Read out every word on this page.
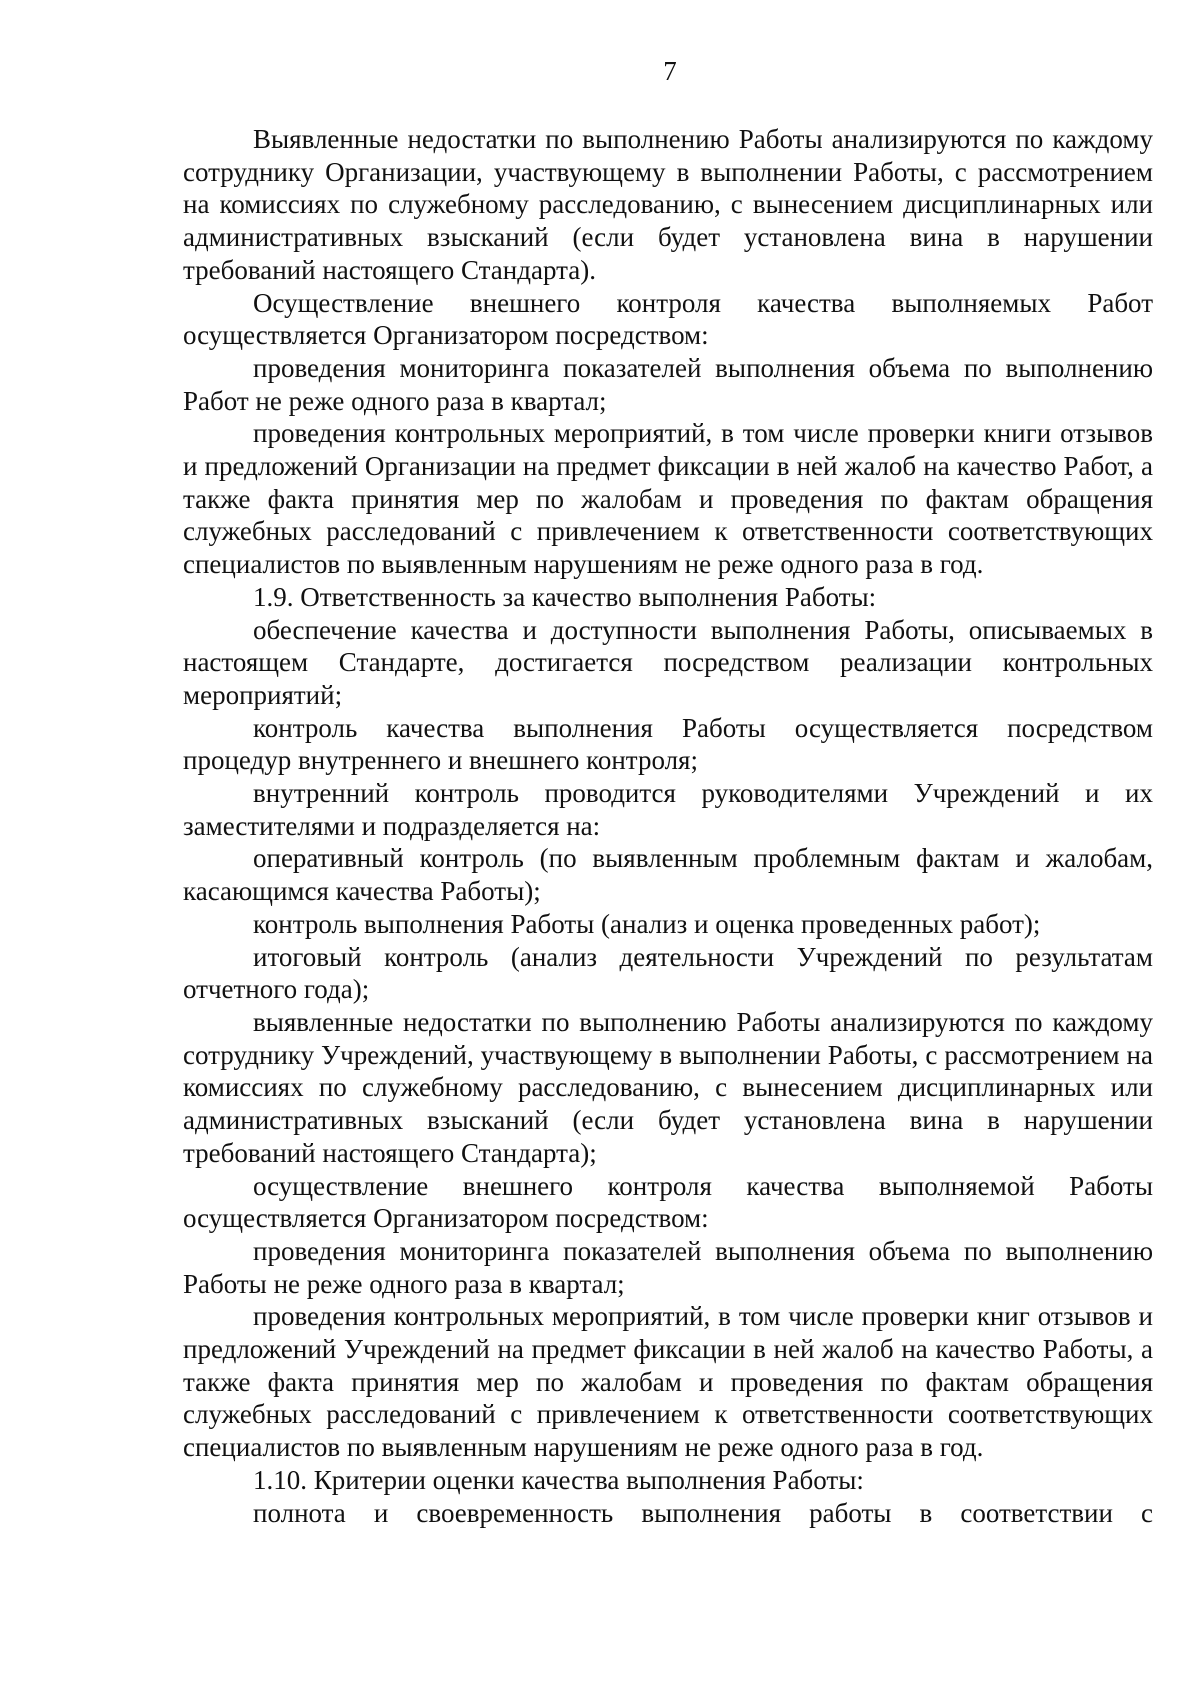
7

Выявленные недостатки по выполнению Работы анализируются по каждому сотруднику Организации, участвующему в выполнении Работы, с рассмотрением на комиссиях по служебному расследованию, с вынесением дисциплинарных или административных взысканий (если будет установлена вина в нарушении требований настоящего Стандарта).

Осуществление внешнего контроля качества выполняемых Работ осуществляется Организатором посредством:

проведения мониторинга показателей выполнения объема по выполнению Работ не реже одного раза в квартал;

проведения контрольных мероприятий, в том числе проверки книги отзывов и предложений Организации на предмет фиксации в ней жалоб на качество Работ, а также факта принятия мер по жалобам и проведения по фактам обращения служебных расследований с привлечением к ответственности соответствующих специалистов по выявленным нарушениям не реже одного раза в год.

1.9. Ответственность за качество выполнения Работы:

обеспечение качества и доступности выполнения Работы, описываемых в настоящем Стандарте, достигается посредством реализации контрольных мероприятий;

контроль качества выполнения Работы осуществляется посредством процедур внутреннего и внешнего контроля;

внутренний контроль проводится руководителями Учреждений и их заместителями и подразделяется на:

оперативный контроль (по выявленным проблемным фактам и жалобам, касающимся качества Работы);

контроль выполнения Работы (анализ и оценка проведенных работ);

итоговый контроль (анализ деятельности Учреждений по результатам отчетного года);

выявленные недостатки по выполнению Работы анализируются по каждому сотруднику Учреждений, участвующему в выполнении Работы, с рассмотрением на комиссиях по служебному расследованию, с вынесением дисциплинарных или административных взысканий (если будет установлена вина в нарушении требований настоящего Стандарта);

осуществление внешнего контроля качества выполняемой Работы осуществляется Организатором посредством:

проведения мониторинга показателей выполнения объема по выполнению Работы не реже одного раза в квартал;

проведения контрольных мероприятий, в том числе проверки книг отзывов и предложений Учреждений на предмет фиксации в ней жалоб на качество Работы, а также факта принятия мер по жалобам и проведения по фактам обращения служебных расследований с привлечением к ответственности соответствующих специалистов по выявленным нарушениям не реже одного раза в год.

1.10. Критерии оценки качества выполнения Работы:

полнота и своевременность выполнения работы в соответствии с
